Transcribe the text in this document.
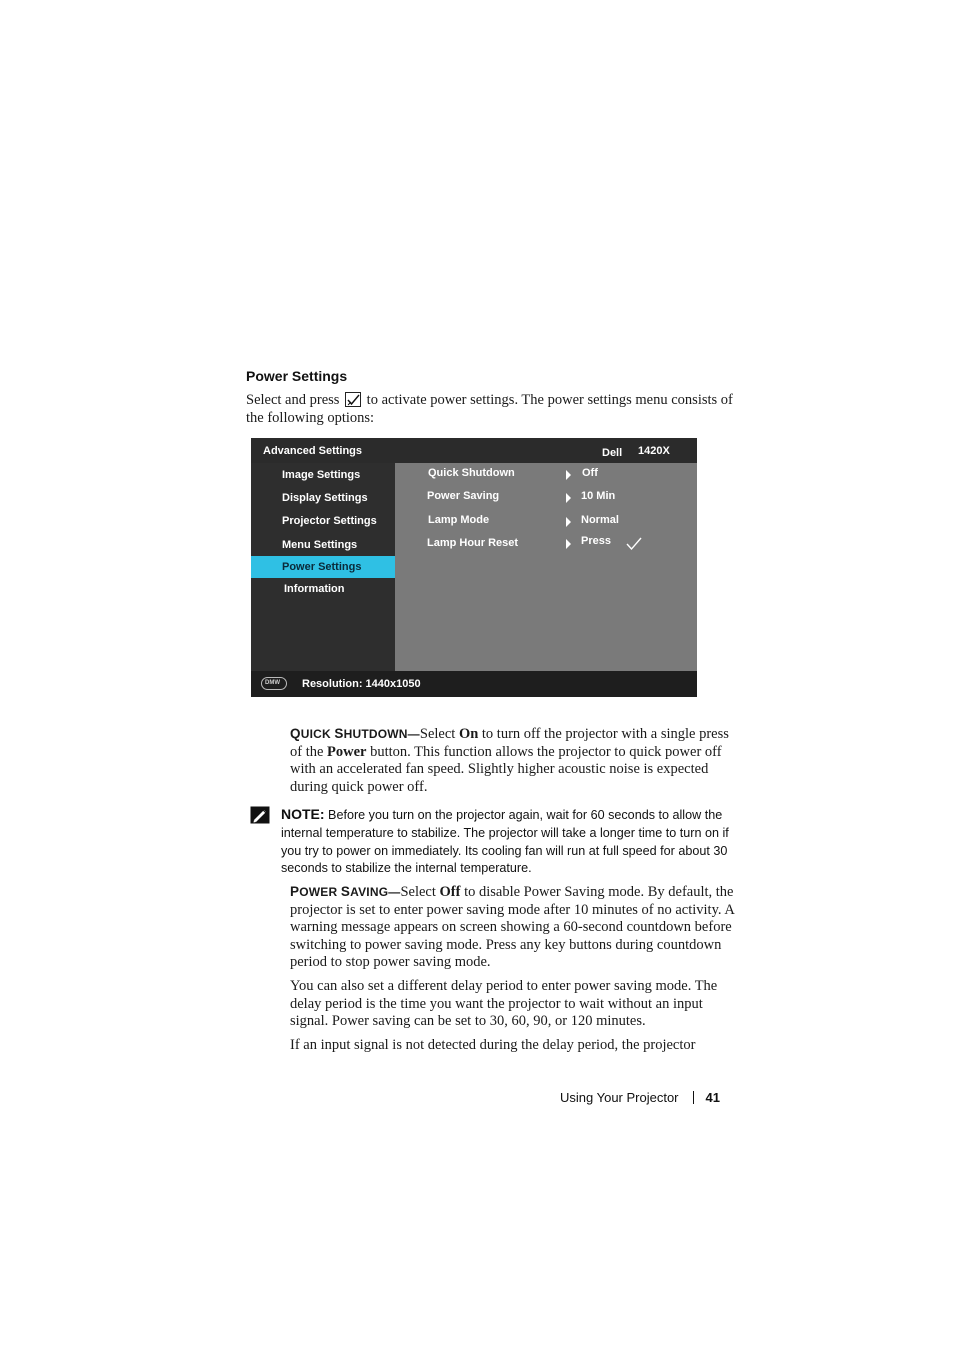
Power Settings
Select and press to activate power settings. The power settings menu consists of the following options:
Advanced Settings	Dell 1420X
Image Settings
Display Settings
Projector Settings
Menu Settings
Power Settings
Information
Quick Shutdown	Off
Power Saving	10 Min
Lamp Mode	Normal
Lamp Hour Reset	Press
DMW Resolution: 1440x1050
QUICK SHUTDOWN—Select On to turn off the projector with a single press of the Power button. This function allows the projector to quick power off with an accelerated fan speed. Slightly higher acoustic noise is expected during quick power off.
NOTE: Before you turn on the projector again, wait for 60 seconds to allow the internal temperature to stabilize. The projector will take a longer time to turn on if you try to power on immediately. Its cooling fan will run at full speed for about 30 seconds to stabilize the internal temperature.
POWER SAVING—Select Off to disable Power Saving mode. By default, the projector is set to enter power saving mode after 10 minutes of no activity. A warning message appears on screen showing a 60-second countdown before switching to power saving mode. Press any key buttons during countdown period to stop power saving mode.
You can also set a different delay period to enter power saving mode. The delay period is the time you want the projector to wait without an input signal. Power saving can be set to 30, 60, 90, or 120 minutes.
If an input signal is not detected during the delay period, the projector
Using Your Projector 41
